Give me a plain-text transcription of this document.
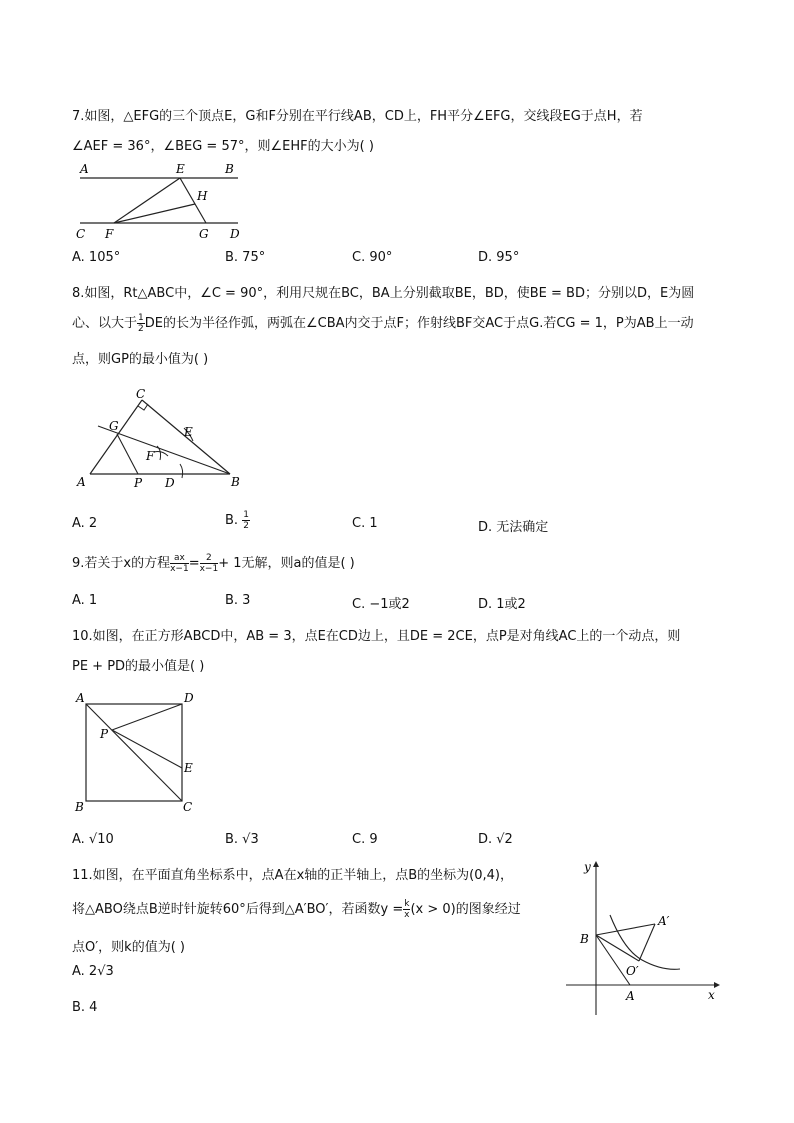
7.如图，△EFG的三个顶点E，G和F分别在平行线AB，CD上，FH平分∠EFG，交线段EG于点H，若
∠AEF = 36°，∠BEG = 57°，则∠EHF的大小为( )
A	E	B
H
C F	G D
A. 105°	B. 75°	C. 90°	D. 95°
8.如图，Rt△ABC中，∠C = 90°，利用尺规在BC，BA上分别截取BE，BD，使BE = BD；分别以D，E为圆
心、以大于 $\frac{1}{2}$ DE的长为半径作弧，两弧在∠CBA内交于点F；作射线BF交AC于点G.若CG = 1，P为AB上一动
点，则GP的最小值为( )
C
G	E
F
A	P D	B
A. 2	B. $\frac{1}{2}$	C. 1	D. 无法确定
9.若关于x的方程 $\frac{ax}{x-1} = \frac{2}{x-1} + 1$无解，则a的值是( )
A. 1	B. 3	C. −1或2	D. 1或2
10.如图，在正方形ABCD中，AB = 3，点E在CD边上，且DE = 2CE，点P是对角线AC上的一个动点，则
PE + PD的最小值是( )
A	D
P
E
B	C
A. √10	B. √3	C. 9	D. √2
11.如图，在平面直角坐标系中，点A在x轴的正半轴上，点B的坐标为(0,4)，
将△ABO绕点B逆时针旋转60°后得到△A′BO′，若函数$y = \frac{k}{x} (x > 0)$的图象经过
点O′，则k的值为( )
A. 2√3
B. 4
y
B
A′
O′
A	x
